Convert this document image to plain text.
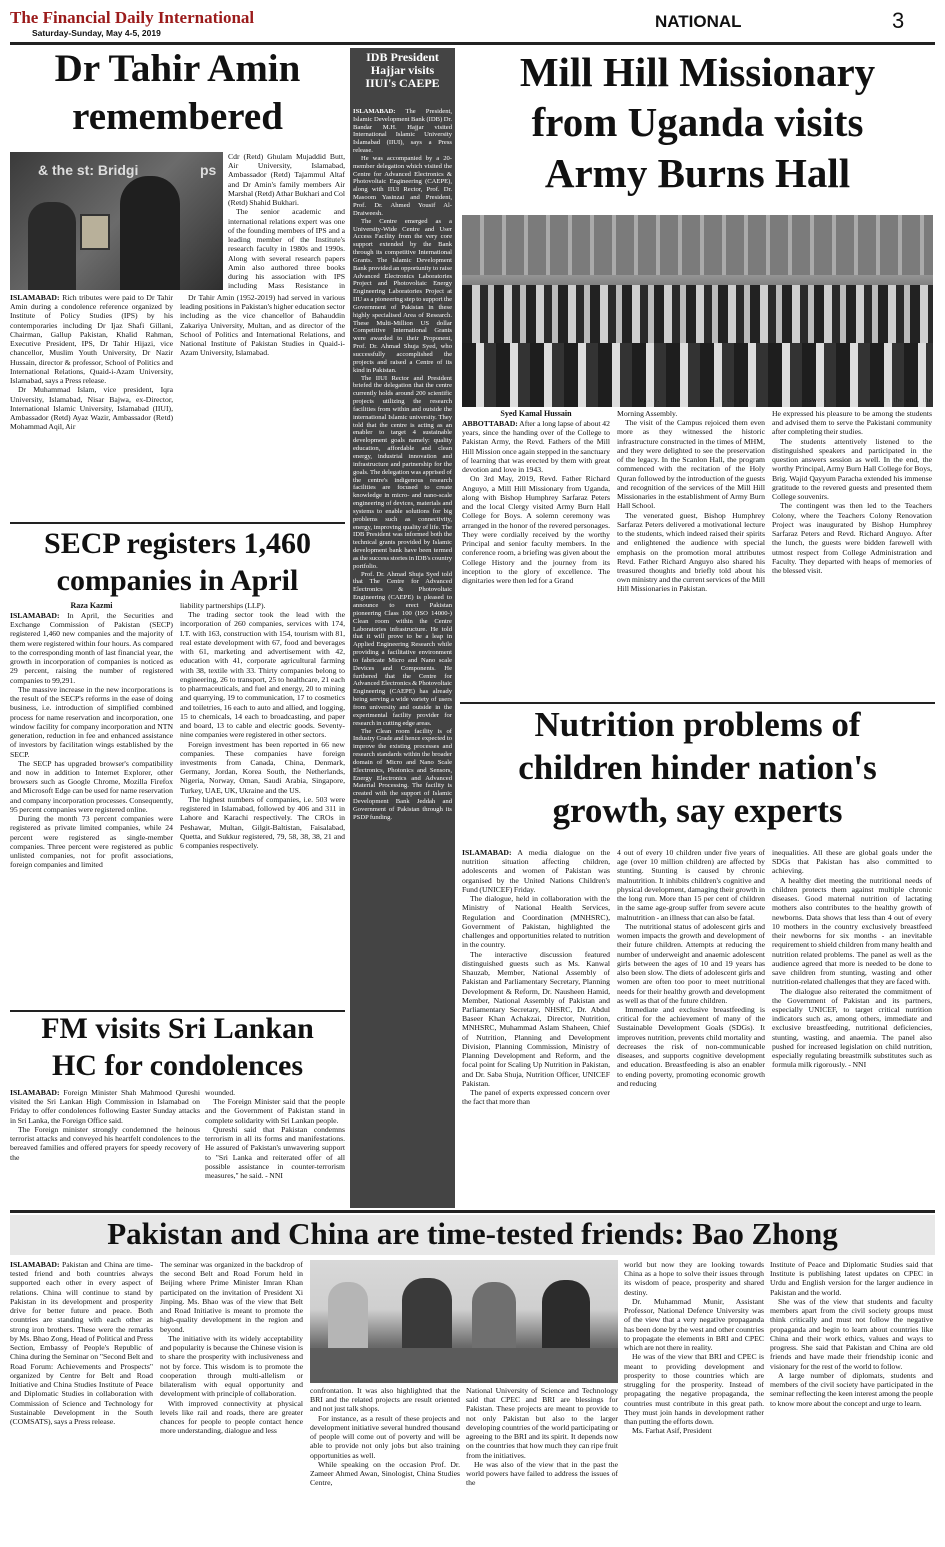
The Financial Daily International
Saturday-Sunday, May 4-5, 2019
NATIONAL	3
Dr Tahir Amin
remembered
& the st: Bridgi	ps

Cdr (Retd) Ghulam Mujaddid Butt, Air University, Islamabad, Ambassador (Retd) Tajammul Altaf and Dr Amin's family members Air Marshal (Retd) Athar Bukhari and Col (Retd) Shahid Bukhari.

The senior academic and international relations expert was one of the founding members of IPS and a leading member of the Institute's research faculty in 1980s and 1990s. Along with several research papers Amin also authored three books during his association with IPS including Mass Resistance in

ISLAMABAD: Rich tributes were paid to Dr Tahir Amin during a condolence reference organized by Institute of Policy Studies (IPS) by his contemporaries including Dr Ijaz Shafi Gillani, Chairman, Gallup Pakistan, Khalid Rahman, Executive President, IPS, Dr Tahir Hijazi, vice chancellor, Muslim Youth University, Dr Nazir Hussain, director & professor, School of Politics and International Relations, Quaid-i-Azam University, Islamabad, says a Press release.

Dr Muhammad Islam, vice president, Iqra University, Islamabad, Nisar Bajwa, ex-Director, International Islamic University, Islamabad (IIUI), Ambassador (Retd) Ayaz Wazir, Ambassador (Retd) Mohammad Aqil, Air

Dr Tahir Amin (1952-2019) had served in various leading positions in Pakistan's higher education sector including as the vice chancellor of Bahauddin Zakariya University, Multan, and as director of the School of Politics and International Relations, and National Institute of Pakistan Studies in Quaid-i-Azam University, Islamabad.

SECP registers 1,460
companies in April
Raza Kazmi

ISLAMABAD: In April, the Securities and Exchange Commission of Pakistan (SECP) registered 1,460 new companies and the majority of them were registered within four hours. As compared to the corresponding month of last financial year, the growth in incorporation of companies is noticed as 29 percent, raising the number of registered companies to 99,291.

The massive increase in the new incorporations is the result of the SECP's reforms in the ease of doing business, i.e. introduction of simplified combined process for name reservation and incorporation, one window facility for company incorporation and NTN generation, reduction in fee and enhanced assistance of investors by facilitation wings established by the SECP.

The SECP has upgraded browser's compatibility and now in addition to Internet Explorer, other browsers such as Google Chrome, Mozilla Firefox and Microsoft Edge can be used for name reservation and company incorporation processes. Consequently, 95 percent companies were registered online.

During the month 73 percent companies were registered as private limited companies, while 24 percent were registered as single-member companies. Three percent were registered as public unlisted companies, not for profit associations, foreign companies and limited

liability partnerships (LLP).

The trading sector took the lead with the incorporation of 260 companies, services with 174, I.T. with 163, construction with 154, tourism with 81, real estate development with 67, food and beverages with 61, marketing and advertisement with 42, education with 41, corporate agricultural farming with 38, textile with 33. Thirty companies belong to engineering, 26 to transport, 25 to healthcare, 21 each to pharmaceuticals, and fuel and energy, 20 to mining and quarrying, 19 to communication, 17 to cosmetics and toiletries, 16 each to auto and allied, and logging, 15 to chemicals, 14 each to broadcasting, and paper and board, 13 to cable and electric goods. Seventy-nine companies were registered in other sectors.

Foreign investment has been reported in 66 new companies. These companies have foreign investments from Canada, China, Denmark, Germany, Jordan, Korea South, the Netherlands, Nigeria, Norway, Oman, Saudi Arabia, Singapore, Turkey, UAE, UK, Ukraine and the US.

The highest numbers of companies, i.e. 503 were registered in Islamabad, followed by 406 and 311 in Lahore and Karachi respectively. The CROs in Peshawar, Multan, Gilgit-Baltistan, Faisalabad, Quetta, and Sukkur registered, 79, 58, 38, 38, 21 and 6 companies respectively.

FM visits Sri Lankan
HC for condolences

ISLAMABAD: Foreign Minister Shah Mahmood Qureshi visited the Sri Lankan High Commission in Islamabad on Friday to offer condolences following Easter Sunday attacks in Sri Lanka, the Foreign Office said.

The Foreign minister strongly condemned the heinous terrorist attacks and conveyed his heartfelt condolences to the bereaved families and offered prayers for speedy recovery of the

wounded.

The Foreign Minister said that the people and the Government of Pakistan stand in complete solidarity with Sri Lankan people.

Qureshi said that Pakistan condemns terrorism in all its forms and manifestations. He assured of Pakistan's unwavering support to "Sri Lanka and reiterated offer of all possible assistance in counter-terrorism measures," he said. - NNI

IDB President
Hajjar visits
IIUI's CAEPE

ISLAMABAD: The President, Islamic Development Bank (IDB) Dr. Bandar M.H. Hajjar visited International Islamic University Islamabad (IIUI), says a Press release.

He was accompanied by a 20-member delegation which visited the Centre for Advanced Electronics & Photovoltaic Engineering (CAEPE), along with IIUI Rector, Prof. Dr. Masoom Yasinzai and President, Prof. Dr. Ahmed Yousif Al-Draiweesh.

The Centre emerged as a University-Wide Centre and User Access Facility from the very core support extended by the Bank through its competitive International Grants. The Islamic Development Bank provided an opportunity to raise Advanced Electronics Laboratories Project and Photovoltaic Energy Engineering Laboratories Project at IIU as a pioneering step to support the Government of Pakistan in these highly specialised Area of Research. These Multi-Million US dollar Competitive International Grants were awarded to their Proponent, Prof. Dr. Ahmad Shuja Syed, who successfully accomplished the projects and raised a Centre of its kind in Pakistan.

The IIUI Rector and President briefed the delegation that the centre currently holds around 200 scientific projects utilizing the research facilities from within and outside the international Islamic university. They told that the centre is acting as an enabler to target 4 sustainable development goals namely: quality education, affordable and clean energy, industrial innovation and infrastructure and partnership for the goals. The delegation was apprised of the centre's indigenous research facilities are focused to create knowledge in micro- and nano-scale engineering of devices, materials and systems to enable solutions for big problems such as connectivity, energy, improving quality of life. The IDB President was informed both the technical grants provided by Islamic development bank have been termed as the success stories in IDB's country portfolio.

Prof. Dr. Ahmad Shuja Syed told that The Centre for Advanced Electronics & Photovoltaic Engineering (CAEPE) is pleased to announce to erect Pakistan pioneering Class 100 (ISO 14000-) Clean room within the Centre Laboratories infrastructure. He told that it will prove to be a leap in Applied Engineering Research while providing a facilitative environment to fabricate Micro and Nano scale Devices and Components. He furthered that the Centre for Advanced Electronics & Photovoltaic Engineering (CAEPE) has already being serving a wide variety of users from university and outside in the experimental facility provider for research in cutting edge areas.

The Clean room facility is of Industry Grade and hence expected to improve the existing processes and research standards within the broader domain of Micro and Nano Scale Electronics, Photonics and Sensors, Energy Electronics and Advanced Material Processing. The facility is created with the support of Islamic Development Bank Jeddah and Government of Pakistan through its PSDP funding.

Mill Hill Missionary
from Uganda visits
Army Burns Hall
Syed Kamal Hussain

ABBOTTABAD: After a long lapse of about 42 years, since the handing over of the College to Pakistan Army, the Revd. Fathers of the Mill Hill Mission once again stepped in the sanctuary of learning that was erected by them with great devotion and love in 1943.

On 3rd May, 2019, Revd. Father Richard Anguyo, a Mill Hill Missionary from Uganda, along with Bishop Humphrey Sarfaraz Peters and the local Clergy visited Army Burn Hall College for Boys. A solemn ceremony was arranged in the honor of the revered personages. They were cordially received by the worthy Principal and senior faculty members. In the conference room, a briefing was given about the College History and the journey from its inception to the glory of excellence. The dignitaries were then led for a Grand

Morning Assembly.

The visit of the Campus rejoiced them even more as they witnessed the historic infrastructure constructed in the times of MHM, and they were delighted to see the preservation of the legacy. In the Scanlon Hall, the program commenced with the recitation of the Holy Quran followed by the introduction of the guests and recognition of the services of the Mill Hill Missionaries in the establishment of Army Burn Hall School.

The venerated guest, Bishop Humphrey Sarfaraz Peters delivered a motivational lecture to the students, which indeed raised their spirits and enlightened the audience with special emphasis on the promotion moral attributes Revd. Father Richard Anguyo also shared his treasured thoughts and briefly told about his own ministry and the current services of the Mill Hill Missionaries in Pakistan.

He expressed his pleasure to be among the students and advised them to serve the Pakistani community after completing their studies.

The students attentively listened to the distinguished speakers and participated in the question answers session as well. In the end, the worthy Principal, Army Burn Hall College for Boys, Brig. Wajid Qayyum Paracha extended his immense gratitude to the revered guests and presented them College souvenirs.

The contingent was then led to the Teachers Colony, where the Teachers Colony Renovation Project was inaugurated by Bishop Humphrey Sarfaraz Peters and Revd. Richard Anguyo. After the lunch, the guests were bidden farewell with utmost respect from College Administration and Faculty. They departed with heaps of memories of the blessed visit.

Nutrition problems of
children hinder nation's
growth, say experts

ISLAMABAD: A media dialogue on the nutrition situation affecting children, adolescents and women of Pakistan was organised by the United Nations Children's Fund (UNICEF) Friday.

The dialogue, held in collaboration with the Ministry of National Health Services, Regulation and Coordination (MNHSRC), Government of Pakistan, highlighted the challenges and opportunities related to nutrition in the country.

The interactive discussion featured distinguished guests such as Ms. Kanwal Shauzab, Member, National Assembly of Pakistan and Parliamentary Secretary, Planning Development & Reform, Dr. Nausheen Hamid, Member, National Assembly of Pakistan and Parliamentary Secretary, NHSRC, Dr. Abdul Baseer Khan Achakzai, Director, Nutrition, MNHSRC, Muhammad Aslam Shaheen, Chief of Nutrition, Planning and Development Division, Planning Commission, Ministry of Planning Development and Reform, and the focal point for Scaling Up Nutrition in Pakistan, and Dr. Saba Shuja, Nutrition Officer, UNICEF Pakistan.

The panel of experts expressed concern over the fact that more than

4 out of every 10 children under five years of age (over 10 million children) are affected by stunting. Stunting is caused by chronic malnutrition. It inhibits children's cognitive and physical development, damaging their growth in the long run. More than 15 per cent of children in the same age-group suffer from severe acute malnutrition - an illness that can also be fatal.

The nutritional status of adolescent girls and women impacts the growth and development of their future children. Attempts at reducing the number of underweight and anaemic adolescent girls between the ages of 10 and 19 years has also been slow. The diets of adolescent girls and women are often too poor to meet nutritional needs for their healthy growth and development as well as that of the future children.

Immediate and exclusive breastfeeding is critical for the achievement of many of the Sustainable Development Goals (SDGs). It improves nutrition, prevents child mortality and decreases the risk of non-communicable diseases, and supports cognitive development and education. Breastfeeding is also an enabler to ending poverty, promoting economic growth and reducing

inequalities. All these are global goals under the SDGs that Pakistan has also committed to achieving.

A healthy diet meeting the nutritional needs of children protects them against multiple chronic diseases. Good maternal nutrition of lactating mothers also contributes to the healthy growth of newborns. Data shows that less than 4 out of every 10 mothers in the country exclusively breastfeed their newborns for six months - an inevitable requirement to shield children from many health and nutrition related problems. The panel as well as the audience agreed that more is needed to be done to save children from stunting, wasting and other nutrition-related challenges that they are faced with.

The dialogue also reiterated the commitment of the Government of Pakistan and its partners, especially UNICEF, to target critical nutrition indicators such as, among others, immediate and exclusive breastfeeding, nutritional deficiencies, stunting, wasting, and anaemia. The panel also pushed for increased legislation on child nutrition, especially regulating breastmilk substitutes such as formula milk rigorously. - NNI

Pakistan and China are time-tested friends: Bao Zhong

ISLAMABAD: Pakistan and China are time-tested friend and both countries always supported each other in every aspect of relations. China will continue to stand by Pakistan in its development and prosperity drive for better future and peace. Both countries are standing with each other as strong iron brothers. These were the remarks by Ms. Bhao Zong, Head of Political and Press Section, Embassy of People's Republic of China during the Seminar on "Second Belt and Road Forum: Achievements and Prospects" organized by Centre for Belt and Road Initiative and China Studies Institute of Peace and Diplomatic Studies in collaboration with Commission of Science and Technology for Sustainable Development in the South (COMSATS), says a Press release.

The seminar was organized in the backdrop of the second Belt and Road Forum held in Beijing where Prime Minister Imran Khan participated on the invitation of President Xi Jinping. Ms. Bhao was of the view that Belt and Road Initiative is meant to promote the high-quality development in the region and beyond.

The initiative with its widely acceptability and popularity is because the Chinese vision is to share the prosperity with inclusiveness and not by force. This wisdom is to promote the cooperation through multi-allelism or bilateralism with equal opportunity and development with principle of collaboration.

With improved connectivity at physical levels like rail and roads, there are greater chances for people to people contact hence more understanding, dialogue and less

confrontation. It was also highlighted that the BRI and the related projects are result oriented and not just talk shops.

For instance, as a result of these projects and development initiative several hundred thousand of people will come out of poverty and will be able to provide not only jobs but also training opportunities as well.

While speaking on the occasion Prof. Dr. Zameer Ahmed Awan, Sinologist, China Studies Centre,

National University of Science and Technology said that CPEC and BRI are blessings for Pakistan. These projects are meant to provide to not only Pakistan but also to the larger developing countries of the world participating or agreeing to the BRI and its spirit. It depends now on the countries that how much they can ripe fruit from the initiatives.

He was also of the view that in the past the world powers have failed to address the issues of the

world but now they are looking towards China as a hope to solve their issues through its wisdom of peace, prosperity and shared destiny.

Dr. Muhammad Munir, Assistant Professor, National Defence University was of the view that a very negative propaganda has been done by the west and other countries to propagate the elements in BRI and CPEC which are not there in reality.

He was of the view that BRI and CPEC is meant to providing development and prosperity to those countries which are struggling for the prosperity. Instead of propagating the negative propaganda, the countries must contribute in this great path. They must join hands in development rather than putting the efforts down.

Ms. Farhat Asif, President

Institute of Peace and Diplomatic Studies said that Institute is publishing latest updates on CPEC in Urdu and English version for the larger audience in Pakistan and the world.

She was of the view that students and faculty members apart from the civil society groups must think critically and must not follow the negative propaganda and begin to learn about countries like China and their work ethics, values and ways to progress. She said that Pakistan and China are old friends and have made their friendship iconic and visionary for the rest of the world to follow.

A large number of diplomats, students and members of the civil society have participated in the seminar reflecting the keen interest among the people to know more about the concept and urge to learn.
